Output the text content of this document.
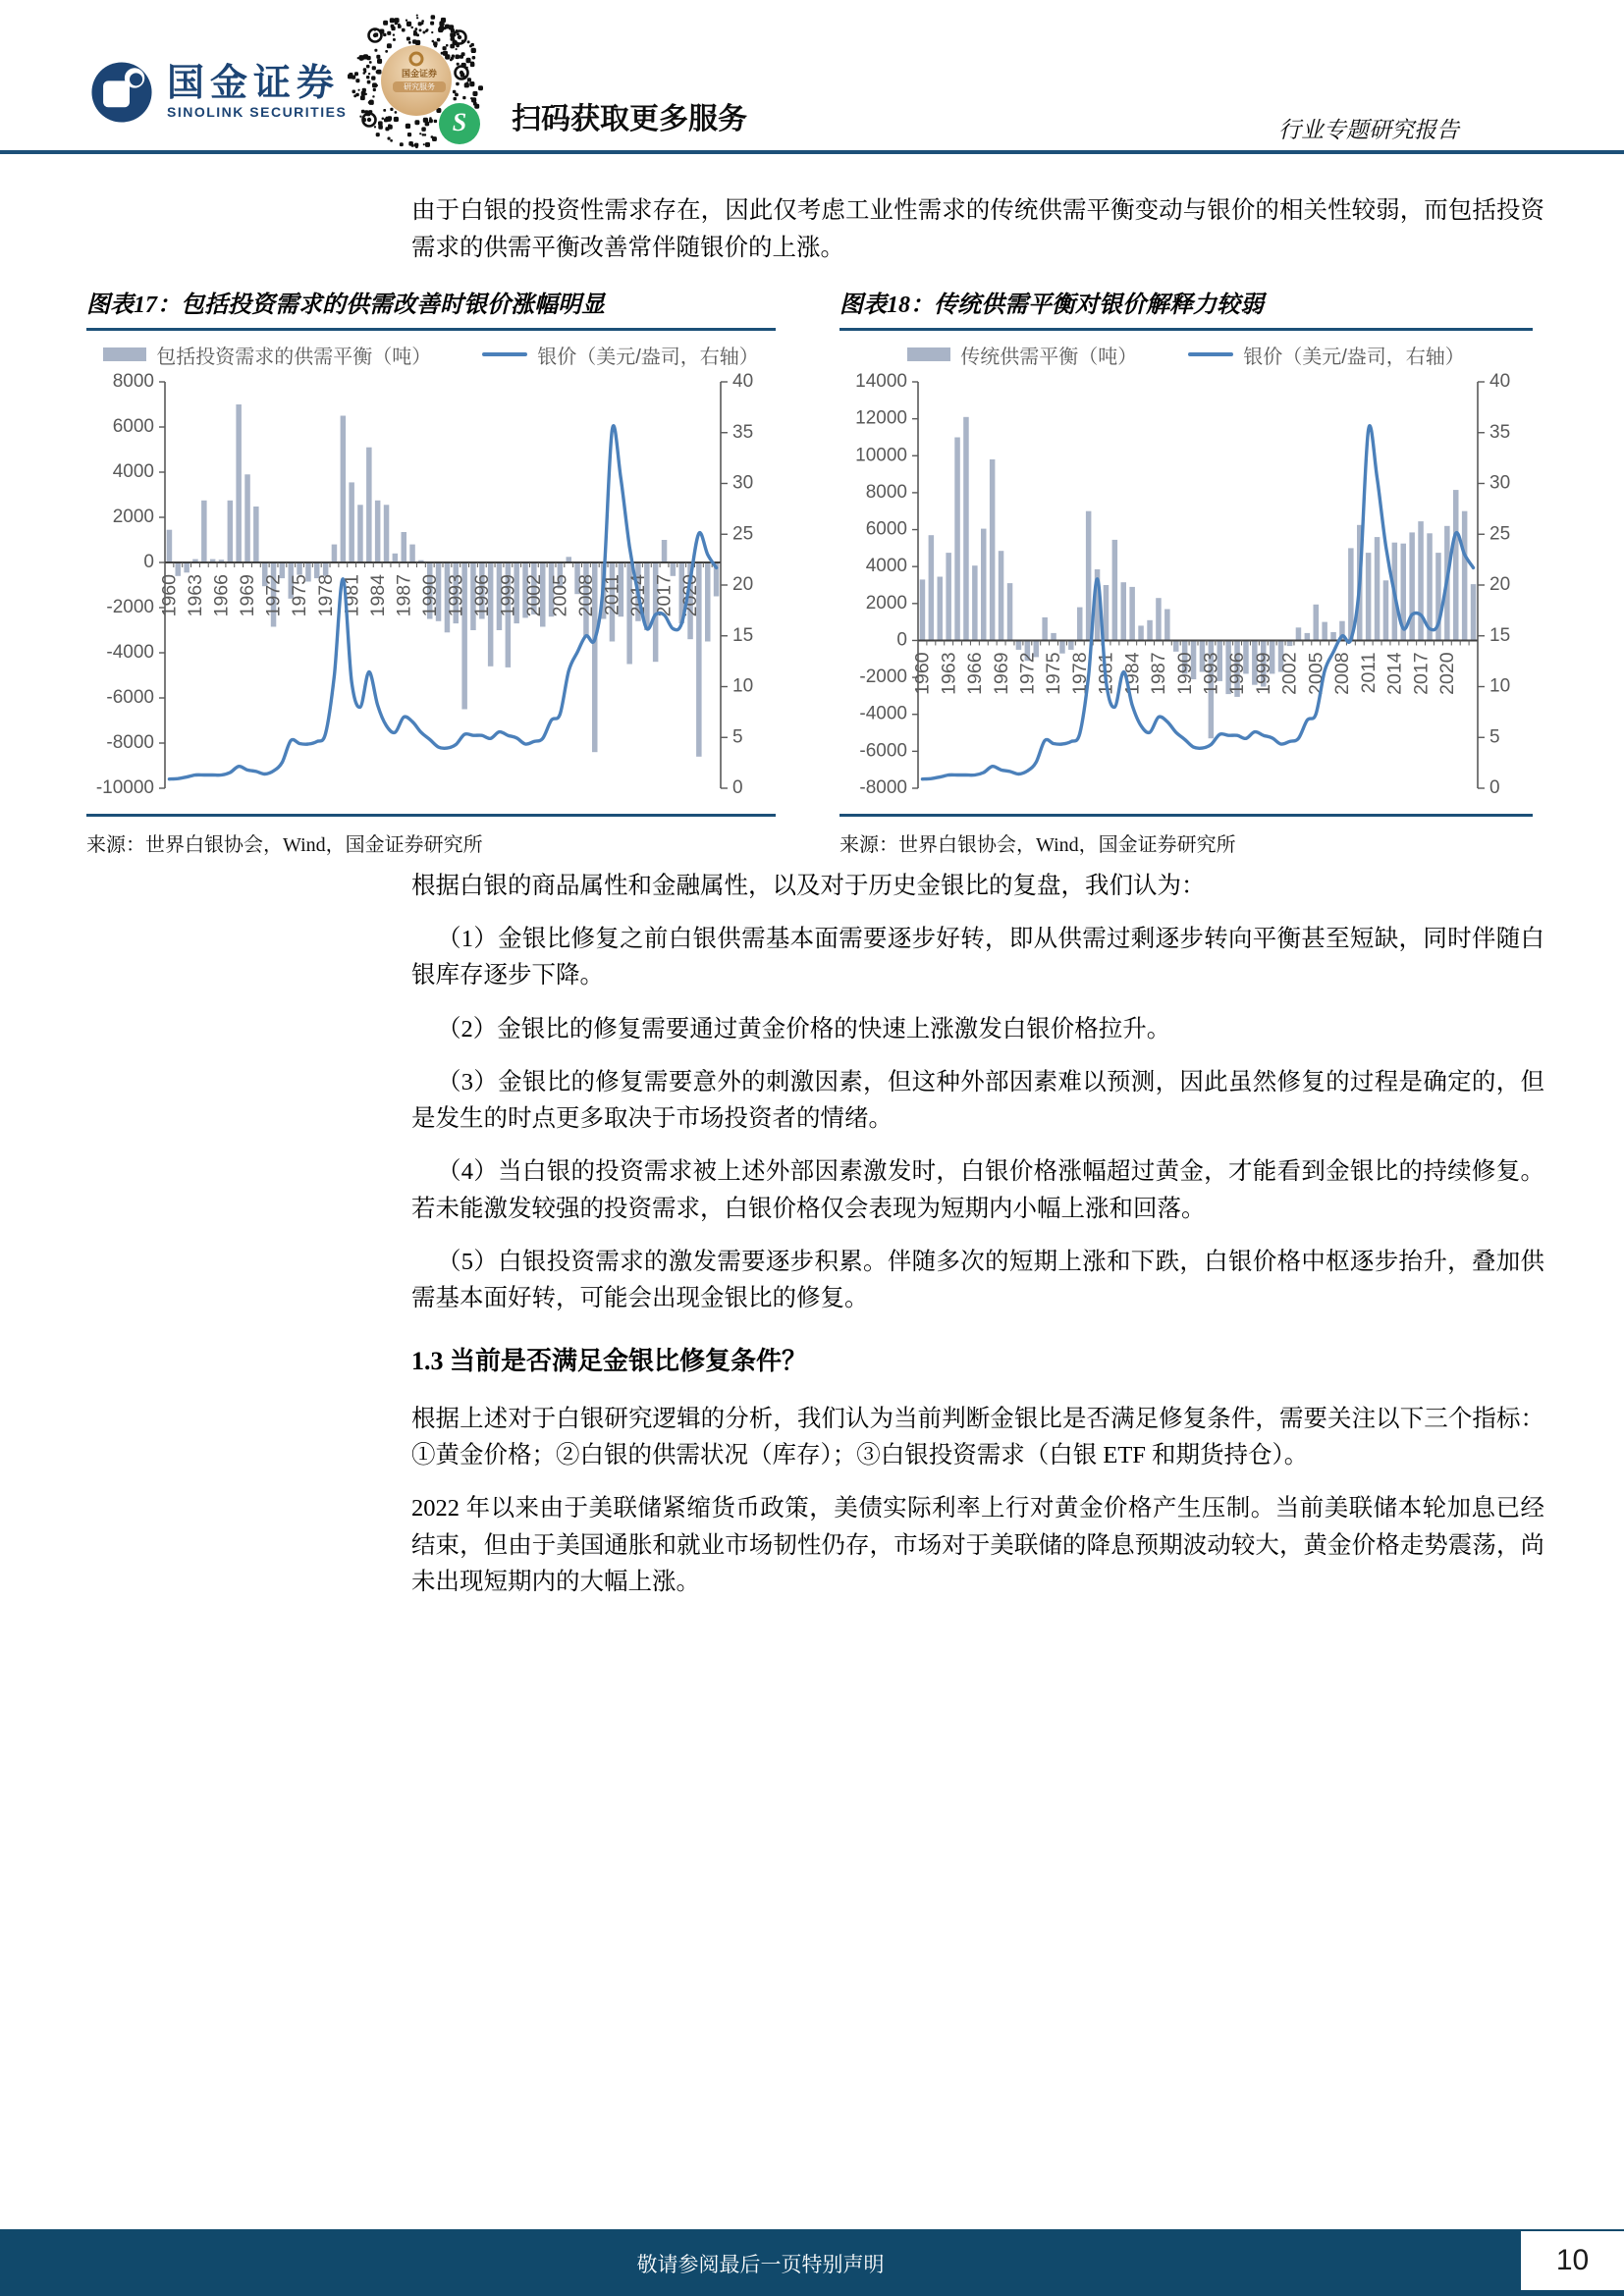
国金证券
SINOLINK SECURITIES	S
国金证券
研究服务
扫码获取更多服务	行业专题研究报告
由于白银的投资性需求存在，因此仅考虑工业性需求的传统供需平衡变动与银价的相关性较弱，而包括投资需求的供需平衡改善常伴随银价的上涨。
图表17：包括投资需求的供需改善时银价涨幅明显
包括投资需求的供需平衡（吨）	银价（美元/盎司，右轴）
8000
6000
4000
2000
0
-2000
-4000
-6000
-8000
-10000
40
35
30
25
20
15
10
5
0
1960 1963 1966 1969 1972 1975 1978 1981 1984 1987 1990 1993 1996 1999 2002 2005 2008 2011 2014 2017 2020
来源：世界白银协会，Wind，国金证券研究所
图表18：传统供需平衡对银价解释力较弱
传统供需平衡（吨）	银价（美元/盎司，右轴）
14000
12000
10000
8000
6000
4000
2000
0
-2000
-4000
-6000
-8000
40
35
30
25
20
15
10
5
0
1960 1963 1966 1969 1972 1975 1978 1981 1984 1987 1990 1993 1996 1999 2002 2005 2008 2011 2014 2017 2020
来源：世界白银协会，Wind，国金证券研究所

根据白银的商品属性和金融属性，以及对于历史金银比的复盘，我们认为：

（1）金银比修复之前白银供需基本面需要逐步好转，即从供需过剩逐步转向平衡甚至短缺，同时伴随白银库存逐步下降。

（2）金银比的修复需要通过黄金价格的快速上涨激发白银价格拉升。

（3）金银比的修复需要意外的刺激因素，但这种外部因素难以预测，因此虽然修复的过程是确定的，但是发生的时点更多取决于市场投资者的情绪。

（4）当白银的投资需求被上述外部因素激发时，白银价格涨幅超过黄金，才能看到金银比的持续修复。若未能激发较强的投资需求，白银价格仅会表现为短期内小幅上涨和回落。

（5）白银投资需求的激发需要逐步积累。伴随多次的短期上涨和下跌，白银价格中枢逐步抬升，叠加供需基本面好转，可能会出现金银比的修复。

1.3 当前是否满足金银比修复条件？

根据上述对于白银研究逻辑的分析，我们认为当前判断金银比是否满足修复条件，需要关注以下三个指标：①黄金价格；②白银的供需状况（库存）；③白银投资需求（白银 ETF 和期货持仓）。

2022 年以来由于美联储紧缩货币政策，美债实际利率上行对黄金价格产生压制。当前美联储本轮加息已经结束，但由于美国通胀和就业市场韧性仍存，市场对于美联储的降息预期波动较大，黄金价格走势震荡，尚未出现短期内的大幅上涨。

敬请参阅最后一页特别声明	10
